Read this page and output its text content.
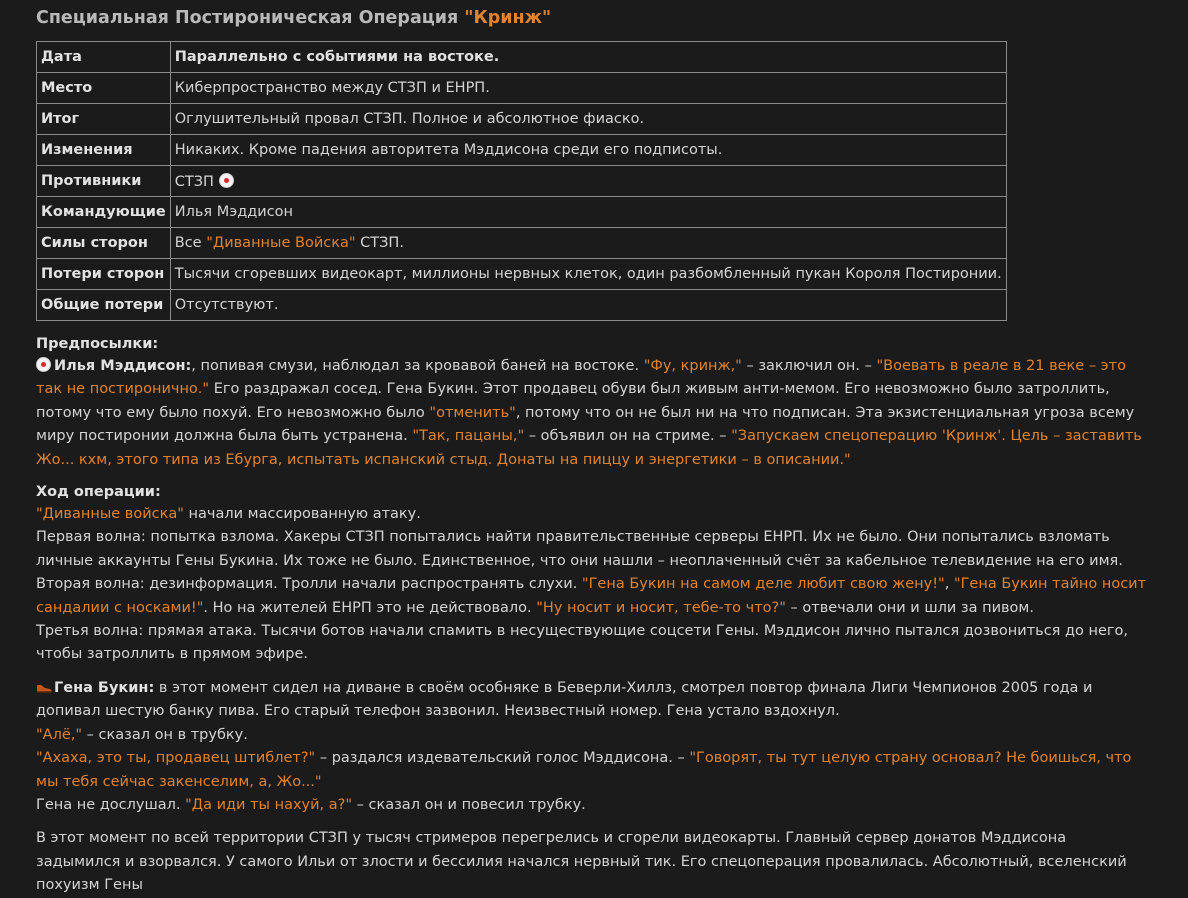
Специальная Постироническая Операция "Кринж"
Дата	Параллельно с событиями на востоке.
Место	Киберпространство между СТЗП и ЕНРП.
Итог	Оглушительный провал СТЗП. Полное и абсолютное фиаско.
Изменения	Никаких. Кроме падения авторитета Мэддисона среди его подписоты.
Противники	СТЗП
Командующие	Илья Мэддисон
Силы сторон	Все "Диванные Войска" СТЗП.
Потери сторон	Тысячи сгоревших видеокарт, миллионы нервных клеток, один разбомбленный пукан Короля Постиронии.
Общие потери	Отсутствуют.
Предпосылки:

Илья Мэддисон:, попивая смузи, наблюдал за кровавой баней на востоке. "Фу, кринж," – заключил он. – "Воевать в реале в 21 веке – это так не постиронично." Его раздражал сосед. Гена Букин. Этот продавец обуви был живым анти-мемом. Его невозможно было затроллить, потому что ему было похуй. Его невозможно было "отменить", потому что он не был ни на что подписан. Эта экзистенциальная угроза всему миру постиронии должна была быть устранена. "Так, пацаны," – объявил он на стриме. – "Запускаем спецоперацию 'Кринж'. Цель – заставить Жо... кхм, этого типа из Ебурга, испытать испанский стыд. Донаты на пиццу и энергетики – в описании."

Ход операции:

"Диванные войска" начали массированную атаку.

Первая волна: попытка взлома. Хакеры СТЗП попытались найти правительственные серверы ЕНРП. Их не было. Они попытались взломать личные аккаунты Гены Букина. Их тоже не было. Единственное, что они нашли – неоплаченный счёт за кабельное телевидение на его имя.

Вторая волна: дезинформация. Тролли начали распространять слухи. "Гена Букин на самом деле любит свою жену!", "Гена Букин тайно носит сандалии с носками!". Но на жителей ЕНРП это не действовало. "Ну носит и носит, тебе-то что?" – отвечали они и шли за пивом.

Третья волна: прямая атака. Тысячи ботов начали спамить в несуществующие соцсети Гены. Мэддисон лично пытался дозвониться до него, чтобы затроллить в прямом эфире.

Гена Букин: в этот момент сидел на диване в своём особняке в Беверли-Хиллз, смотрел повтор финала Лиги Чемпионов 2005 года и допивал шестую банку пива. Его старый телефон зазвонил. Неизвестный номер. Гена устало вздохнул.

"Алё," – сказал он в трубку.

"Ахаха, это ты, продавец штиблет?" – раздался издевательский голос Мэддисона. – "Говорят, ты тут целую страну основал? Не боишься, что мы тебя сейчас закенселим, а, Жо..."

Гена не дослушал. "Да иди ты нахуй, а?" – сказал он и повесил трубку.

В этот момент по всей территории СТЗП у тысяч стримеров перегрелись и сгорели видеокарты. Главный сервер донатов Мэддисона задымился и взорвался. У самого Ильи от злости и бессилия начался нервный тик. Его спецоперация провалилась. Абсолютный, вселенский похуизм Гены
